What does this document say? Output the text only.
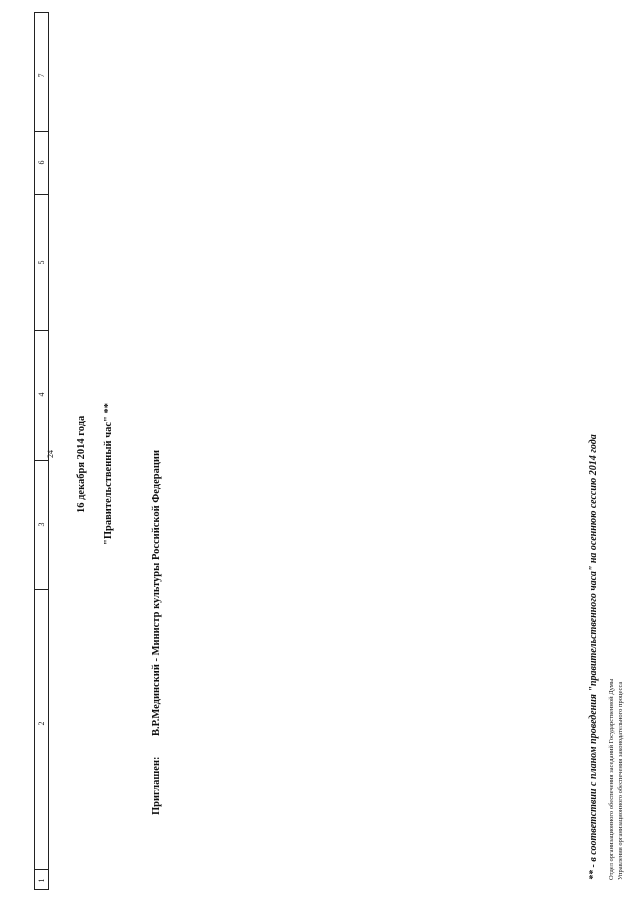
24
1
2
3
4
5
6
7
16 декабря 2014 года "Правительственный час" **
Приглашен:
В.Р.Мединский - Министр культуры Российской Федерации	** - в соответствии с планом проведения "правительственного часа" на осеннюю сессию 2014 года Отдел организационного обеспечения заседаний Государственной Думы Управления организационного обеспечения законодательного процесса
